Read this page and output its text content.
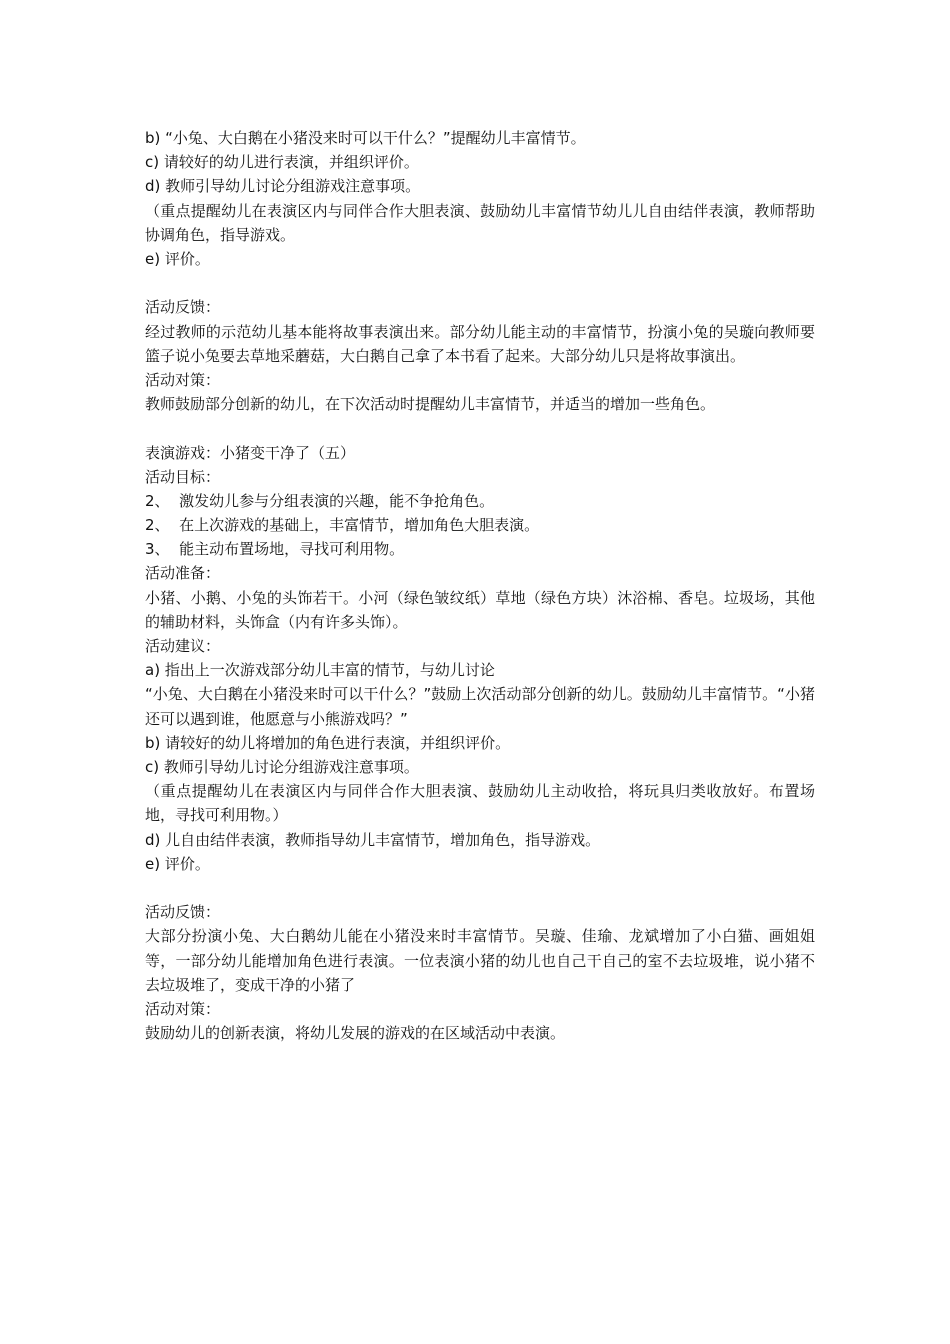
b) “小兔、大白鹅在小猪没来时可以干什么？”提醒幼儿丰富情节。
c) 请较好的幼儿进行表演，并组织评价。
d) 教师引导幼儿讨论分组游戏注意事项。
（重点提醒幼儿在表演区内与同伴合作大胆表演、鼓励幼儿丰富情节幼儿儿自由结伴表演，教师帮助协调角色，指导游戏。
e) 评价。
活动反馈：
经过教师的示范幼儿基本能将故事表演出来。部分幼儿能主动的丰富情节，扮演小兔的吴璇向教师要篮子说小兔要去草地采蘑菇，大白鹅自己拿了本书看了起来。大部分幼儿只是将故事演出。
活动对策：
教师鼓励部分创新的幼儿，在下次活动时提醒幼儿丰富情节，并适当的增加一些角色。
表演游戏：小猪变干净了（五）
活动目标：
2、  激发幼儿参与分组表演的兴趣，能不争抢角色。
2、  在上次游戏的基础上，丰富情节，增加角色大胆表演。
3、  能主动布置场地，寻找可利用物。
活动准备：
小猪、小鹅、小兔的头饰若干。小河（绿色皱纹纸）草地（绿色方块）沐浴棉、香皂。垃圾场，其他的辅助材料，头饰盒（内有许多头饰）。
活动建议：
a) 指出上一次游戏部分幼儿丰富的情节，与幼儿讨论
“小兔、大白鹅在小猪没来时可以干什么？”鼓励上次活动部分创新的幼儿。鼓励幼儿丰富情节。“小猪还可以遇到谁，他愿意与小熊游戏吗？”
b) 请较好的幼儿将增加的角色进行表演，并组织评价。
c) 教师引导幼儿讨论分组游戏注意事项。
（重点提醒幼儿在表演区内与同伴合作大胆表演、鼓励幼儿主动收拾，将玩具归类收放好。布置场地，寻找可利用物。）
d) 儿自由结伴表演，教师指导幼儿丰富情节，增加角色，指导游戏。
e) 评价。
活动反馈：
大部分扮演小兔、大白鹅幼儿能在小猪没来时丰富情节。吴璇、佳瑜、龙斌增加了小白猫、画姐姐等，一部分幼儿能增加角色进行表演。一位表演小猪的幼儿也自己干自己的室不去垃圾堆，说小猪不去垃圾堆了，变成干净的小猪了
活动对策：
鼓励幼儿的创新表演，将幼儿发展的游戏的在区域活动中表演。
